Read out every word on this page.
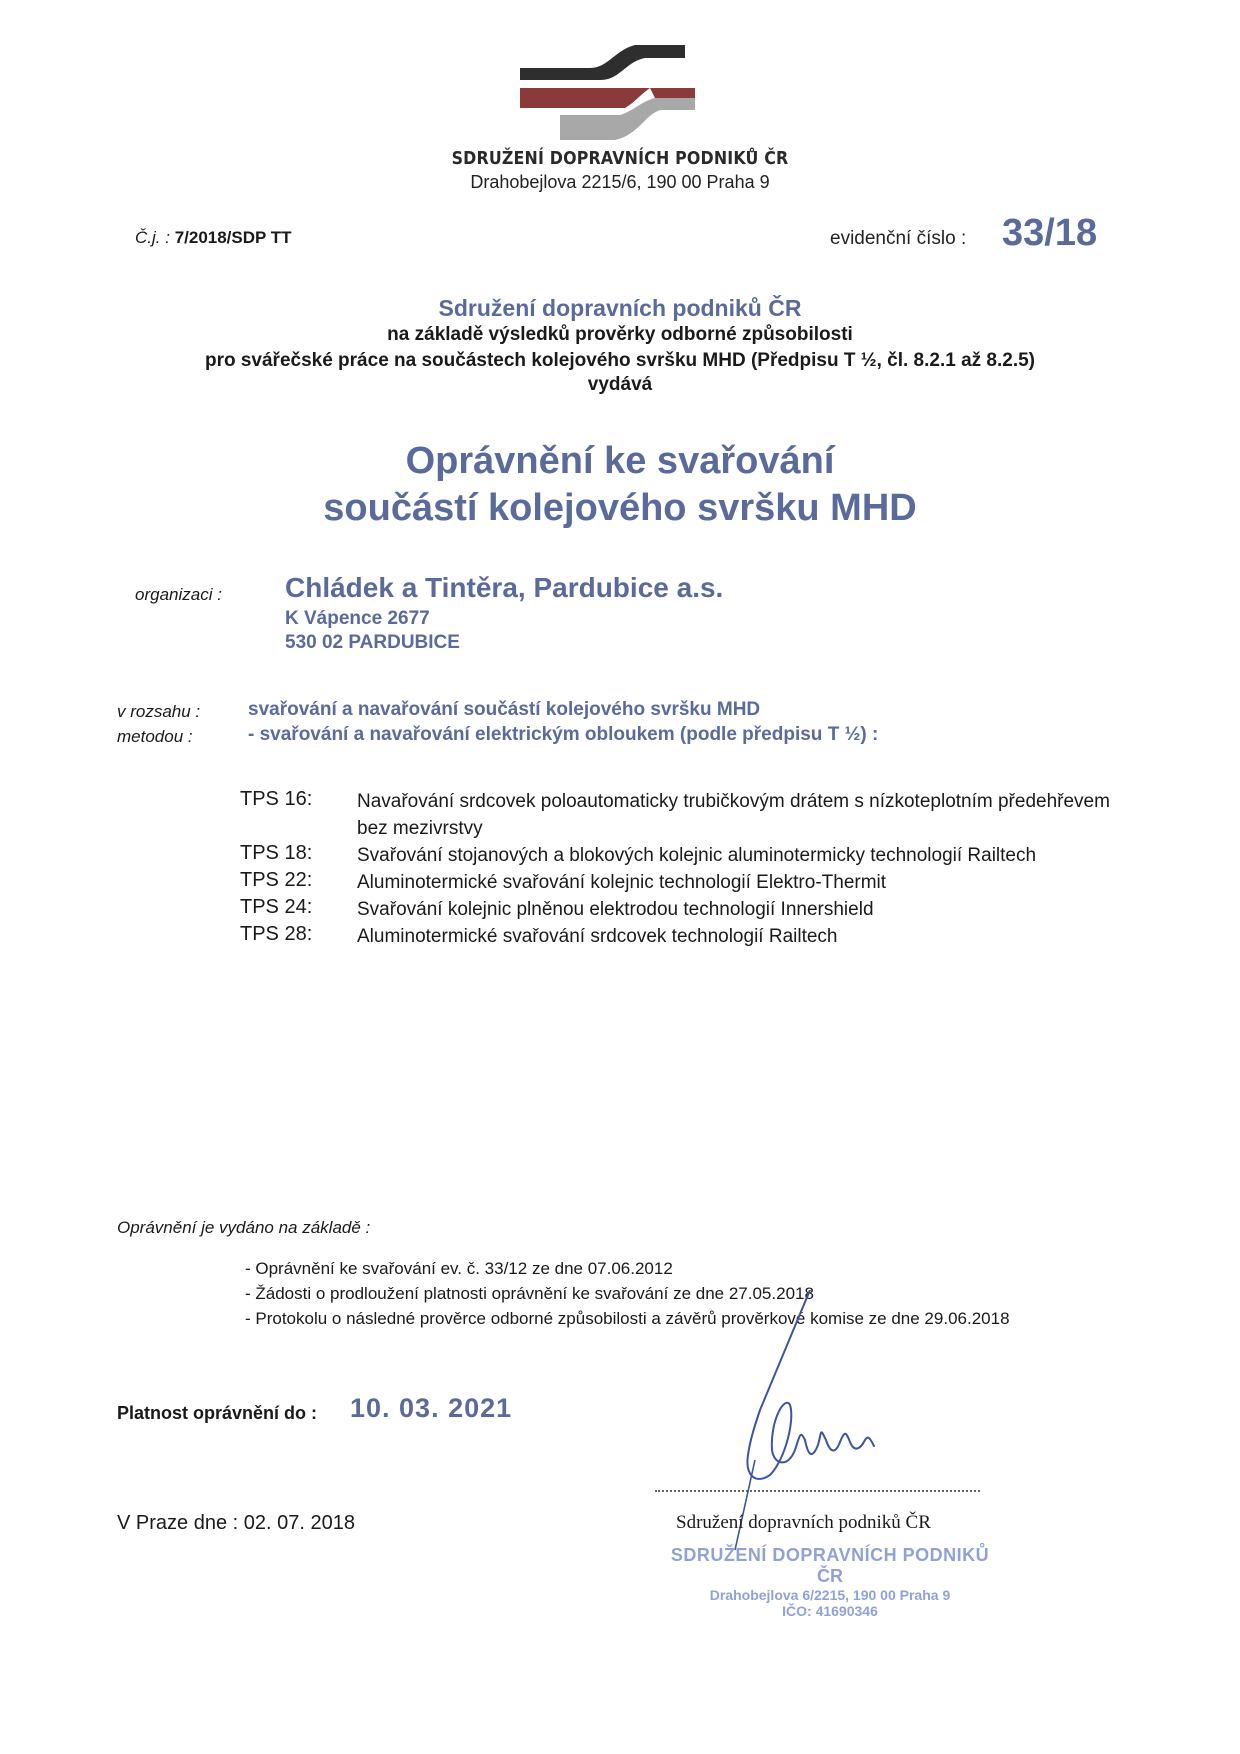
SDRUŽENÍ DOPRAVNÍCH PODNIKŮ ČR
Drahobejlova 2215/6, 190 00 Praha 9
Č.j. : 7/2018/SDP TT	evidenční číslo : 33/18
Sdružení dopravních podniků ČR
na základě výsledků prověrky odborné způsobilosti
pro svářečské práce na součástech kolejového svršku MHD (Předpisu T ½, čl. 8.2.1 až 8.2.5)
vydává
Oprávnění ke svařování
součástí kolejového svršku MHD
organizaci : Chládek a Tintěra, Pardubice a.s.
K Vápence 2677
530 02 PARDUBICE
v rozsahu :
metodou :
svařování a navařování součástí kolejového svršku MHD
- svařování a navařování elektrickým obloukem (podle předpisu T ½) :
TPS 16: Navařování srdcovek poloautomaticky trubičkovým drátem s nízkoteplotním předehřevem bez mezivrstvy
TPS 18: Svařování stojanových a blokových kolejnic aluminotermicky technologií Railtech
TPS 22: Aluminotermické svařování kolejnic technologií Elektro-Thermit
TPS 24: Svařování kolejnic plněnou elektrodou technologií Innershield
TPS 28: Aluminotermické svařování srdcovek technologií Railtech
Oprávnění je vydáno na základě :
- Oprávnění ke svařování ev. č. 33/12 ze dne 07.06.2012
- Žádosti o prodloužení platnosti oprávnění ke svařování ze dne 27.05.2018
- Protokolu o následné prověrce odborné způsobilosti a závěrů prověrkové komise ze dne 29.06.2018
Platnost oprávnění do : 10. 03. 2021
V Praze dne : 02. 07. 2018	Sdružení dopravních podniků ČR
SDRUŽENÍ DOPRAVNÍCH PODNIKŮ
ČR
Drahobejlova 6/2215, 190 00 Praha 9
IČO: 41690346
